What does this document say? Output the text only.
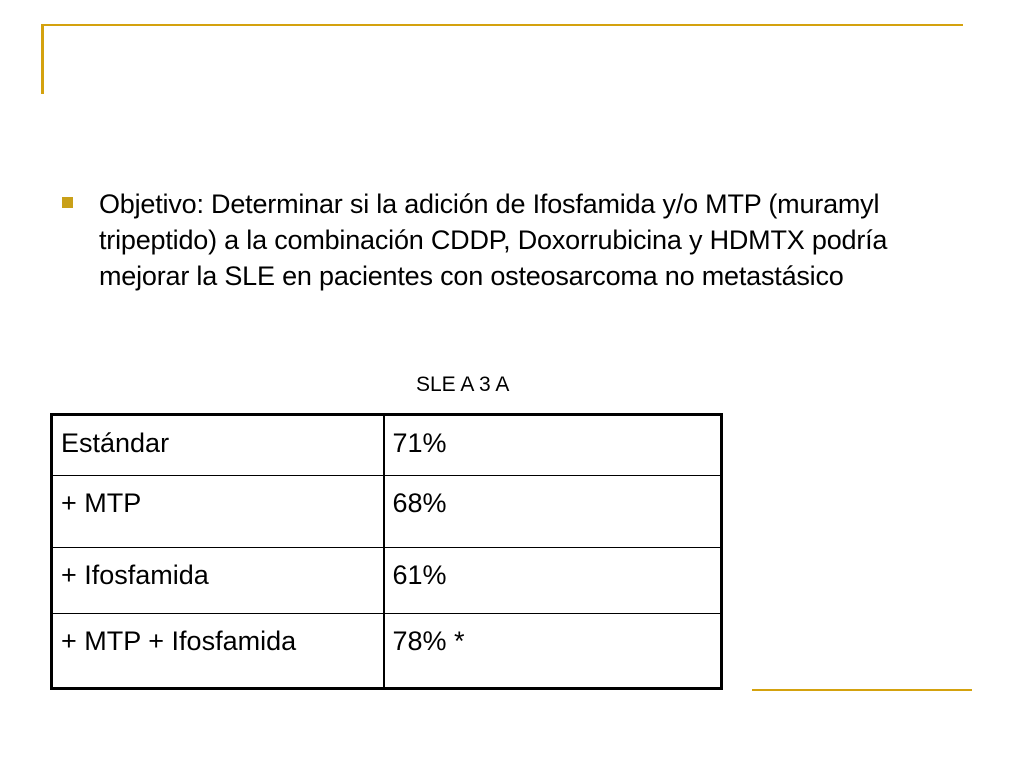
Objetivo: Determinar si la adición de Ifosfamida y/o MTP (muramyl tripeptido) a la combinación CDDP, Doxorrubicina y HDMTX podría mejorar la SLE en pacientes con osteosarcoma no metastásico
SLE A 3 A
Estándar	71%
+ MTP	68%
+ Ifosfamida	61%
+ MTP + Ifosfamida	78% *
